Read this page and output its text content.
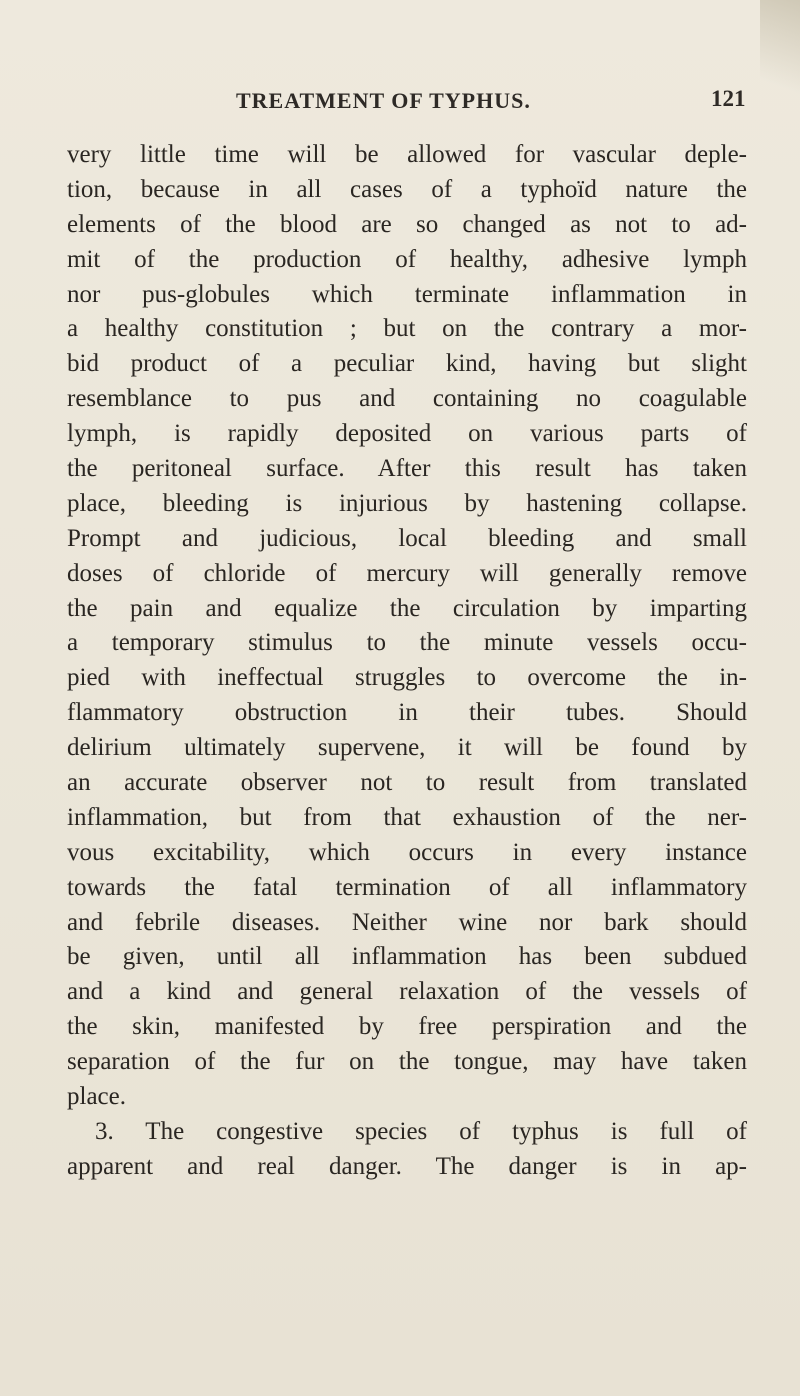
TREATMENT OF TYPHUS.	121
very little time will be allowed for vascular deple-
tion, because in all cases of a typhoïd nature the
elements of the blood are so changed as not to ad-
mit of the production of healthy, adhesive lymph
nor pus-globules which terminate inflammation in
a healthy constitution ; but on the contrary a mor-
bid product of a peculiar kind, having but slight
resemblance to pus and containing no coagulable
lymph, is rapidly deposited on various parts of
the peritoneal surface. After this result has taken
place, bleeding is injurious by hastening collapse.
Prompt and judicious, local bleeding and small
doses of chloride of mercury will generally remove
the pain and equalize the circulation by imparting
a temporary stimulus to the minute vessels occu-
pied with ineffectual struggles to overcome the in-
flammatory obstruction in their tubes. Should
delirium ultimately supervene, it will be found by
an accurate observer not to result from translated
inflammation, but from that exhaustion of the ner-
vous excitability, which occurs in every instance
towards the fatal termination of all inflammatory
and febrile diseases. Neither wine nor bark should
be given, until all inflammation has been subdued
and a kind and general relaxation of the vessels of
the skin, manifested by free perspiration and the
separation of the fur on the tongue, may have taken
place.
3. The congestive species of typhus is full of
apparent and real danger. The danger is in ap-
